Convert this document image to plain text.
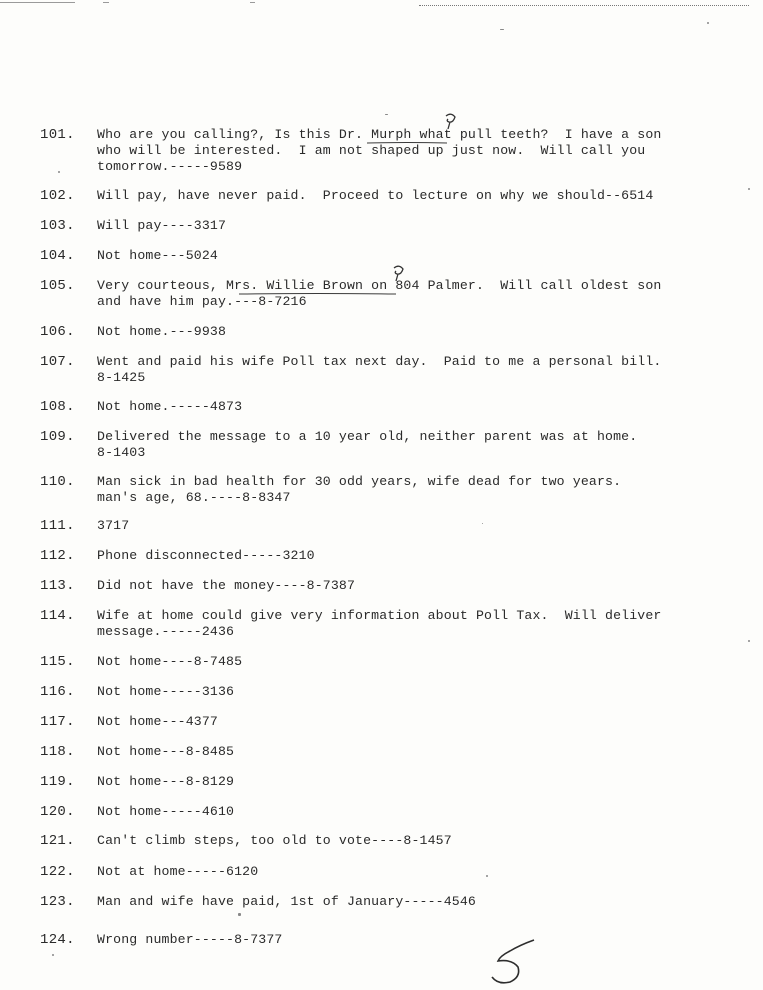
101.	Who are you calling?, Is this Dr. Murph what pull teeth?  I have a son
who will be interested.  I am not shaped up just now.  Will call you
tomorrow.-----9589
102.	Will pay, have never paid.  Proceed to lecture on why we should--6514
103.	Will pay----3317
104.	Not home---5024
105.	Very courteous, Mrs. Willie Brown on 804 Palmer.  Will call oldest son
and have him pay.---8-7216
106.	Not home.---9938
107.	Went and paid his wife Poll tax next day.  Paid to me a personal bill.
8-1425
108.	Not home.-----4873
109.	Delivered the message to a 10 year old, neither parent was at home.
8-1403
110.	Man sick in bad health for 30 odd years, wife dead for two years.
man's age, 68.----8-8347
111.	3717
112.	Phone disconnected-----3210
113.	Did not have the money----8-7387
114.	Wife at home could give very information about Poll Tax.  Will deliver
message.-----2436
115.	Not home----8-7485
116.	Not home-----3136
117.	Not home---4377
118.	Not home---8-8485
119.	Not home---8-8129
120.	Not home-----4610
121.	Can't climb steps, too old to vote----8-1457
122.	Not at home-----6120
123.	Man and wife have paid, 1st of January-----4546
124.	Wrong number-----8-7377
